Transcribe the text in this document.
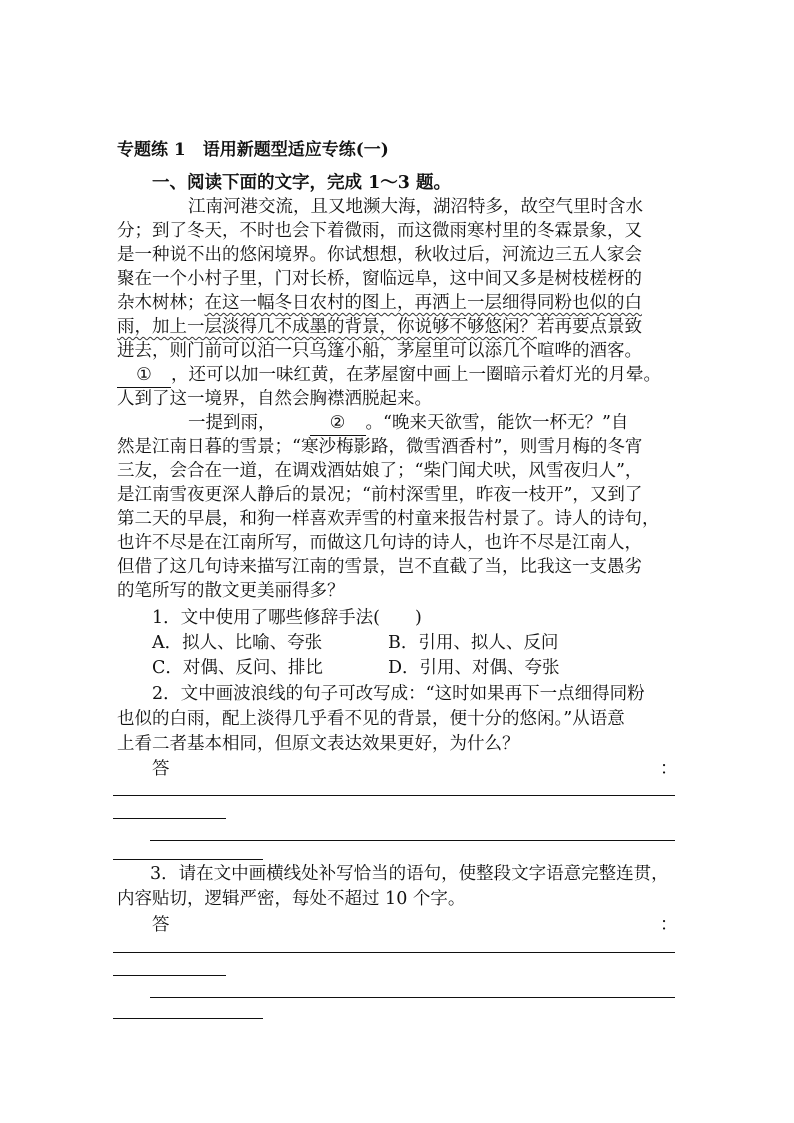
专题练 1　语用新题型适应专练(一)
一、阅读下面的文字，完成 1～3 题。
江南河港交流，且又地濒大海，湖沼特多，故空气里时含水
分；到了冬天，不时也会下着微雨，而这微雨寒村里的冬霖景象，又
是一种说不出的悠闲境界。你试想想，秋收过后，河流边三五人家会
聚在一个小村子里，门对长桥，窗临远阜，这中间又多是树枝槎枒的
杂木树林；在这一幅冬日农村的图上，再洒上一层细得同粉也似的白
雨，加上一层淡得几不成墨的背景，你说够不够悠闲？若再要点景致
进去，则门前可以泊一只乌篷小船，茅屋里可以添几个喧哗的酒客。
① ，还可以加一味红黄，在茅屋窗中画上一圈暗示着灯光的月晕。
人到了这一境界，自然会胸襟洒脱起来。
一提到雨，	② 。“晚来天欲雪，能饮一杯无？”自
然是江南日暮的雪景；“寒沙梅影路，微雪酒香村”，则雪月梅的冬宵
三友，会合在一道，在调戏酒姑娘了；“柴门闻犬吠，风雪夜归人”，
是江南雪夜更深人静后的景况；“前村深雪里，昨夜一枝开”，又到了
第二天的早晨，和狗一样喜欢弄雪的村童来报告村景了。诗人的诗句，
也许不尽是在江南所写，而做这几句诗的诗人，也许不尽是江南人，
但借了这几句诗来描写江南的雪景，岂不直截了当，比我这一支愚劣
的笔所写的散文更美丽得多？
1．文中使用了哪些修辞手法(　　)
A．拟人、比喻、夸张	B．引用、拟人、反问
C．对偶、反问、排比	D．引用、对偶、夸张
2．文中画波浪线的句子可改写成：“这时如果再下一点细得同粉
也似的白雨，配上淡得几乎看不见的背景，便十分的悠闲。”从语意
上看二者基本相同，但原文表达效果更好，为什么？
答	：
3．请在文中画横线处补写恰当的语句，使整段文字语意完整连贯，
内容贴切，逻辑严密，每处不超过 10 个字。
答	：
